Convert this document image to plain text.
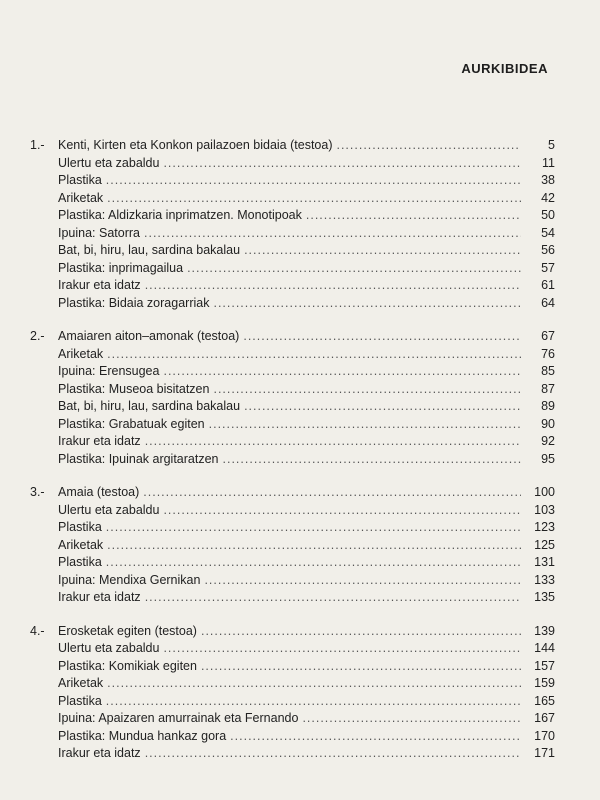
AURKIBIDEA
1.-	Kenti, Kirten eta Konkon pailazoen bidaia (testoa) .....	5
Ulertu eta zabaldu .....	11
Plastika .....	38
Ariketak .....	42
Plastika: Aldizkaria inprimatzen. Monotipoak .....	50
Ipuina: Satorra .....	54
Bat, bi, hiru, lau, sardina bakalau .....	56
Plastika: inprimagailua .....	57
Irakur eta idatz .....	61
Plastika: Bidaia zoragarriak .....	64
2.-	Amaiaren aiton–amonak (testoa) .....	67
Ariketak .....	76
Ipuina: Erensugea .....	85
Plastika: Museoa bisitatzen .....	87
Bat, bi, hiru, lau, sardina bakalau .....	89
Plastika: Grabatuak egiten .....	90
Irakur eta idatz .....	92
Plastika: Ipuinak argitaratzen .....	95
3.-	Amaia (testoa) .....	100
Ulertu eta zabaldu .....	103
Plastika .....	123
Ariketak .....	125
Plastika .....	131
Ipuina: Mendixa Gernikan .....	133
Irakur eta idatz .....	135
4.-	Erosketak egiten (testoa) .....	139
Ulertu eta zabaldu .....	144
Plastika: Komikiak egiten .....	157
Ariketak .....	159
Plastika .....	165
Ipuina: Apaizaren amurrainak eta Fernando .....	167
Plastika: Mundua hankaz gora .....	170
Irakur eta idatz .....	171
